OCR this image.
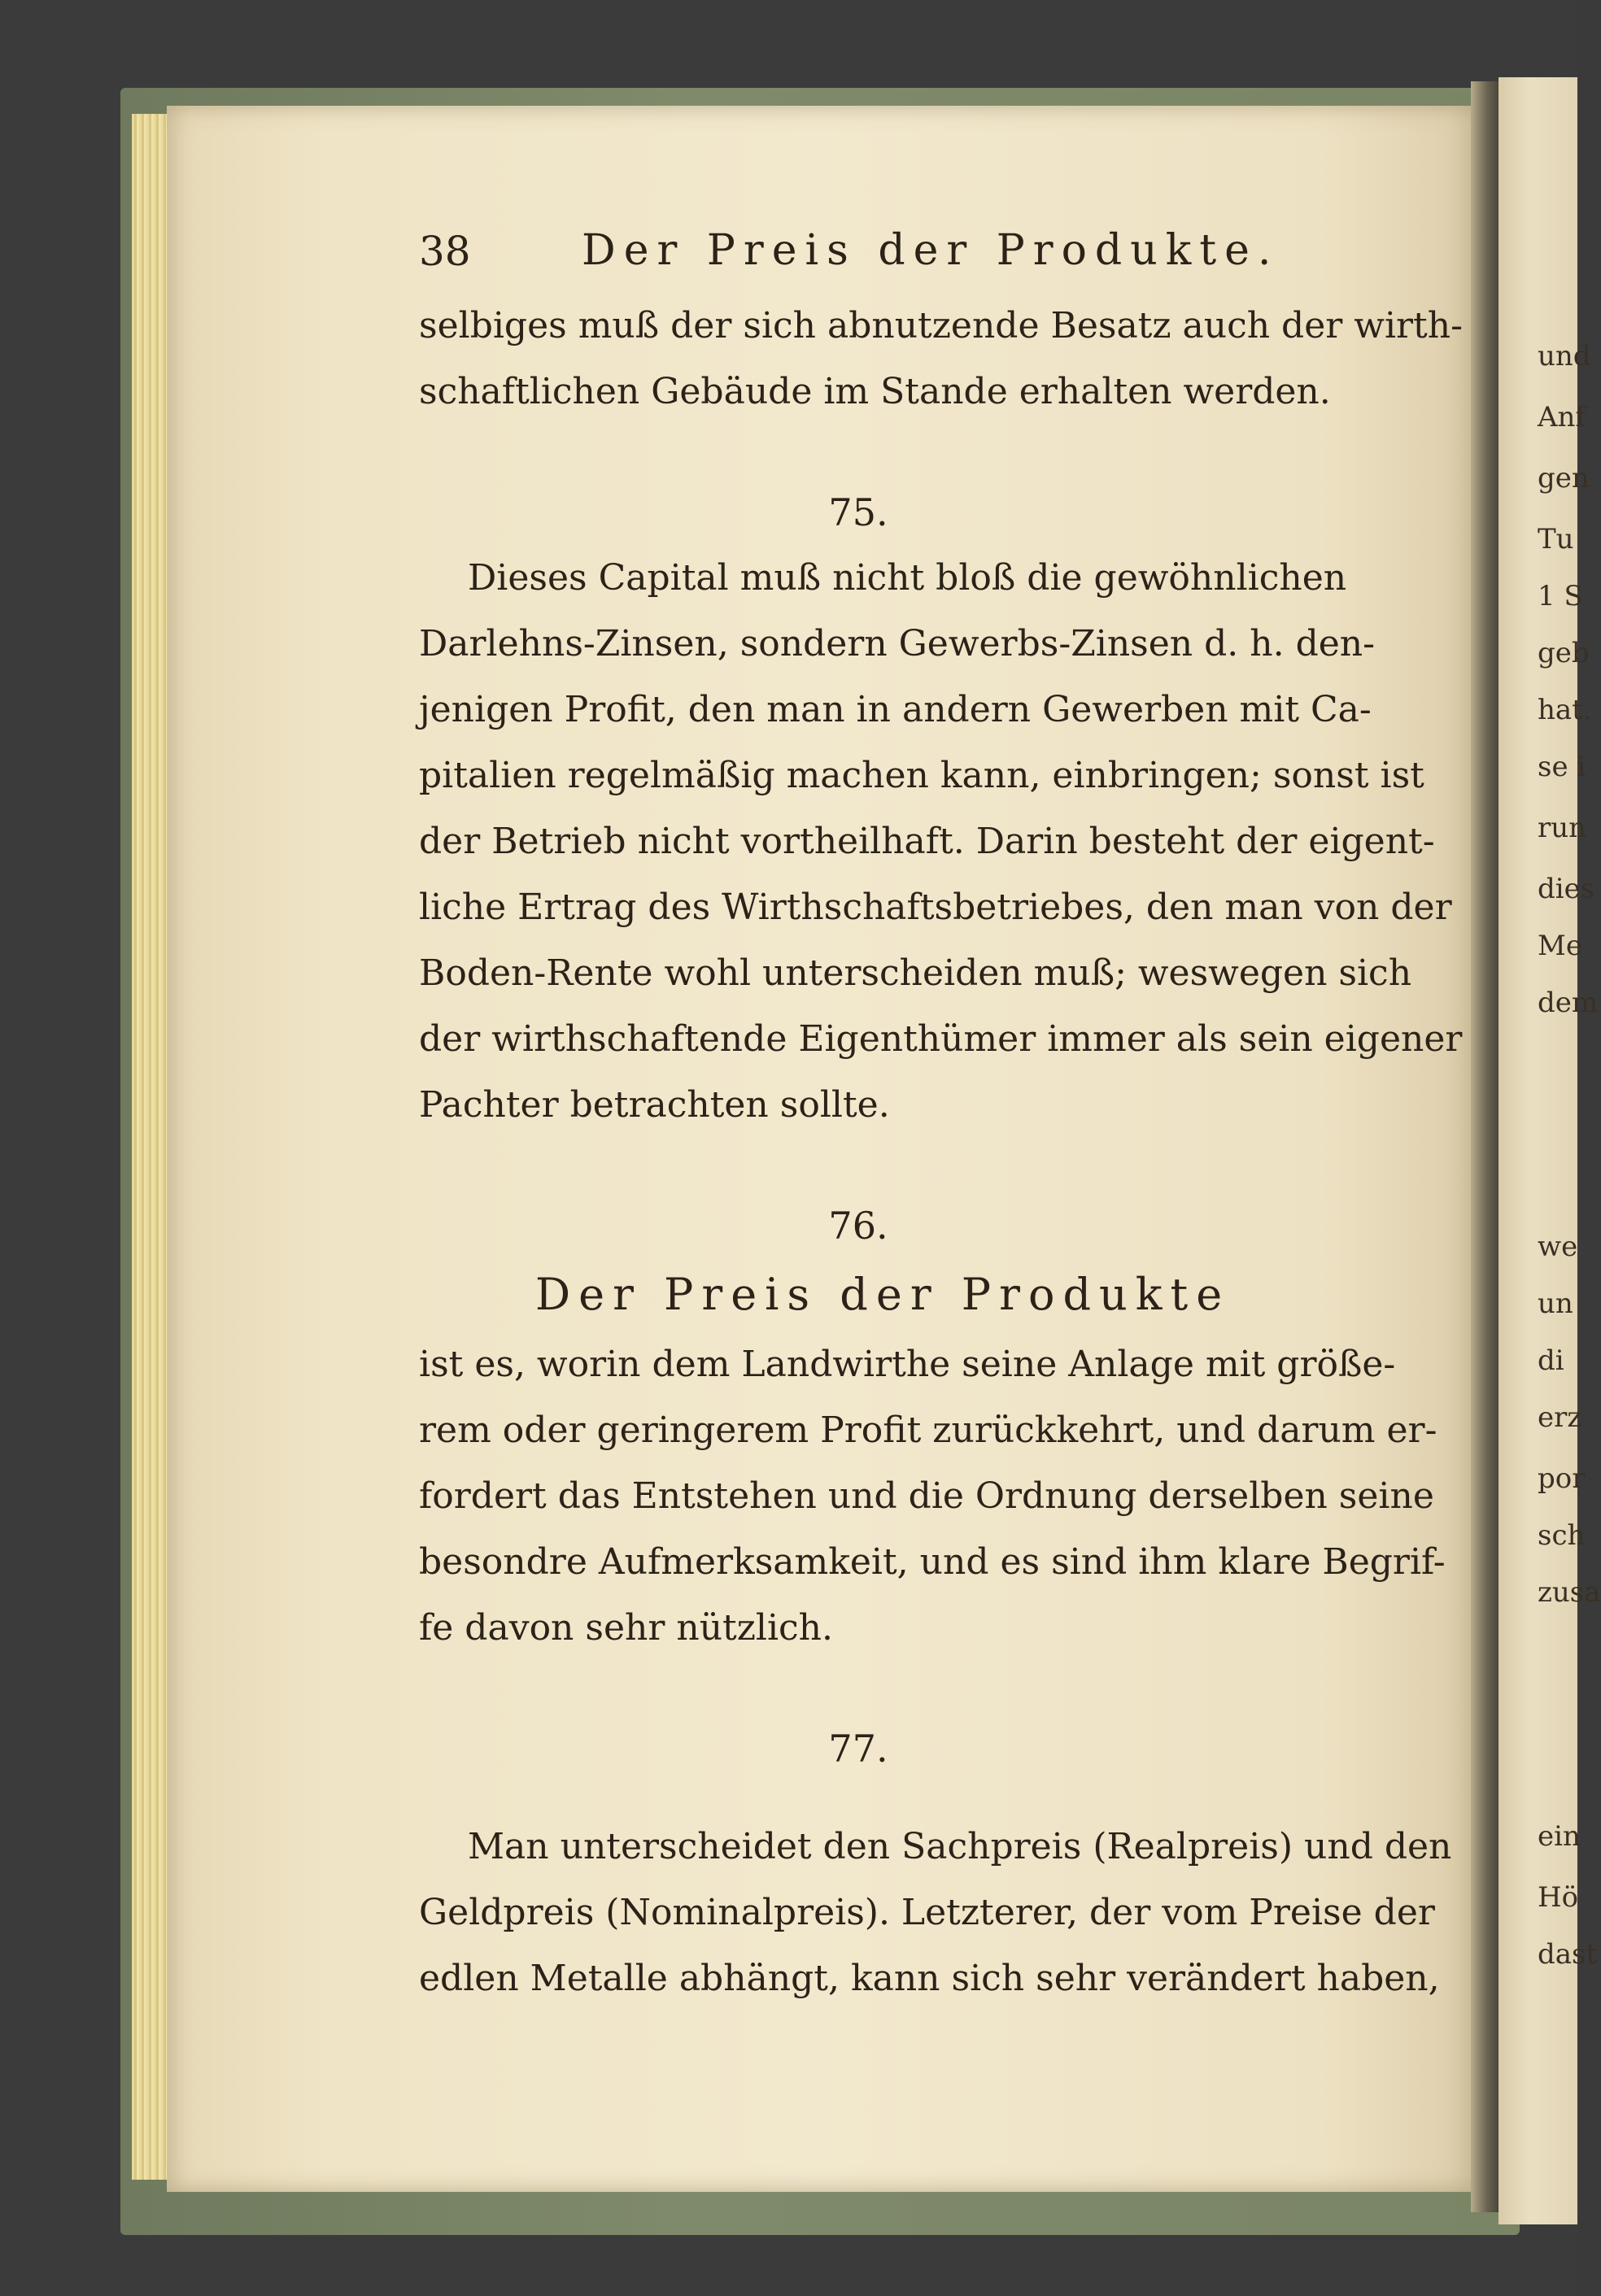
und
Anf
gen
Tu
1 S
geb
hat.
se i
run
dies
Me
dem
we
un
di
erz
por
sch
zusa
ein
Hö
dast
38	Der Preis der Produkte.

selbiges muß der sich abnutzende Besatz auch der wirth-
schaftlichen Gebäude im Stande erhalten werden.

75.

Dieses Capital muß nicht bloß die gewöhnlichen
Darlehns-Zinsen, sondern Gewerbs-Zinsen d. h. den-
jenigen Profit, den man in andern Gewerben mit Ca-
pitalien regelmäßig machen kann, einbringen; sonst ist
der Betrieb nicht vortheilhaft. Darin besteht der eigent-
liche Ertrag des Wirthschaftsbetriebes, den man von der
Boden-Rente wohl unterscheiden muß; weswegen sich
der wirthschaftende Eigenthümer immer als sein eigener
Pachter betrachten sollte.

76.

Der Preis der Produkte

ist es, worin dem Landwirthe seine Anlage mit größe-
rem oder geringerem Profit zurückkehrt, und darum er-
fordert das Entstehen und die Ordnung derselben seine
besondre Aufmerksamkeit, und es sind ihm klare Begrif-
fe davon sehr nützlich.

77.

Man unterscheidet den Sachpreis (Realpreis) und den
Geldpreis (Nominalpreis). Letzterer, der vom Preise der
edlen Metalle abhängt, kann sich sehr verändert haben,
